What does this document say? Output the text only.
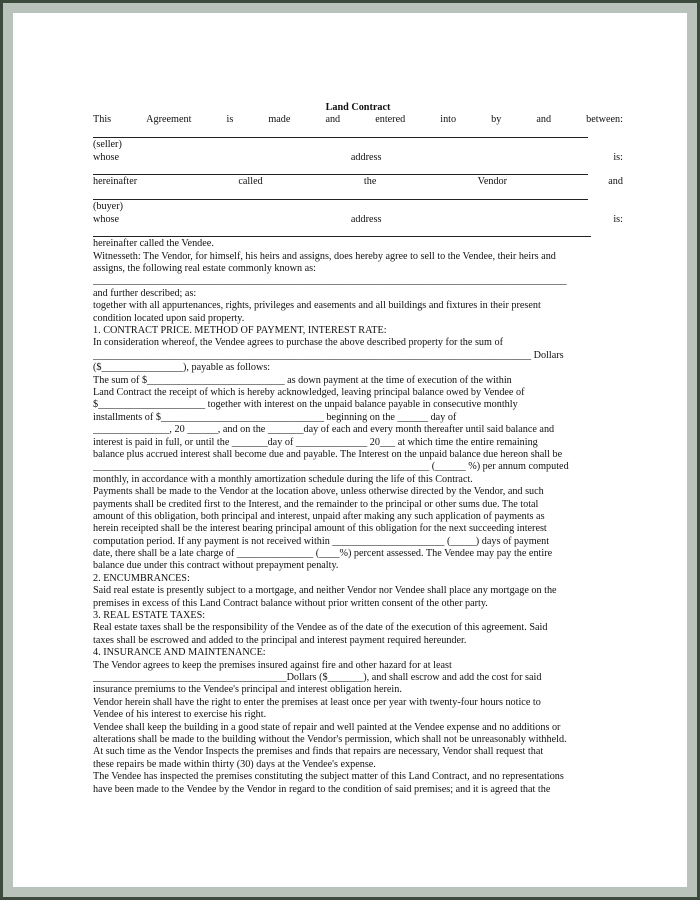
Land Contract
This	Agreement	is	made	and	entered	into	by	and	between:
(seller)
whose	address	is:
hereinafter	called	the	Vendor	and
(buyer)
whose	address	is:
hereinafter called the Vendee.
Witnesseth: The Vendor, for himself, his heirs and assigns, does hereby agree to sell to the Vendee, their heirs and
assigns, the following real estate commonly known as:
_____________________________________________________________________________________________
and further described; as:
together with all appurtenances, rights, privileges and easements and all buildings and fixtures in their present
condition located upon said property.
1. CONTRACT PRICE. METHOD OF PAYMENT, INTEREST RATE:
In consideration whereof, the Vendee agrees to purchase the above described property for the sum of
______________________________________________________________________________________ Dollars
($________________), payable as follows:
The sum of $___________________________ as down payment at the time of execution of the within
Land Contract the receipt of which is hereby acknowledged, leaving principal balance owed by Vendee of
$_____________________ together with interest on the unpaid balance payable in consecutive monthly
installments of $________________________________ beginning on the ______ day of
_______________, 20 ______, and on the _______day of each and every month thereafter until said balance and
interest is paid in full, or until the _______day of ______________ 20___ at which time the entire remaining
balance plus accrued interest shall become due and payable. The Interest on the unpaid balance due hereon shall be
__________________________________________________________________ (______ %) per annum computed
monthly, in accordance with a monthly amortization schedule during the life of this Contract.
Payments shall be made to the Vendor at the location above, unless otherwise directed by the Vendor, and such
payments shall be credited first to the Interest, and the remainder to the principal or other sums due. The total
amount of this obligation, both principal and interest, unpaid after making any such application of payments as
herein receipted shall be the interest bearing principal amount of this obligation for the next succeeding interest
computation period. If any payment is not received within ______________________ (_____) days of payment
date, there shall be a late charge of _______________ (____%) percent assessed. The Vendee may pay the entire
balance due under this contract without prepayment penalty.
2. ENCUMBRANCES:
Said real estate is presently subject to a mortgage, and neither Vendor nor Vendee shall place any mortgage on the
premises in excess of this Land Contract balance without prior written consent of the other party.
3. REAL ESTATE TAXES:
Real estate taxes shall be the responsibility of the Vendee as of the date of the execution of this agreement. Said
taxes shall be escrowed and added to the principal and interest payment required hereunder.
4. INSURANCE AND MAINTENANCE:
The Vendor agrees to keep the premises insured against fire and other hazard for at least
______________________________________Dollars ($_______), and shall escrow and add the cost for said
insurance premiums to the Vendee's principal and interest obligation herein.
Vendor herein shall have the right to enter the premises at least once per year with twenty-four hours notice to
Vendee of his interest to exercise his right.
Vendee shall keep the building in a good state of repair and well painted at the Vendee expense and no additions or
alterations shall be made to the building without the Vendor's permission, which shall not be unreasonably withheld.
At such time as the Vendor Inspects the premises and finds that repairs are necessary, Vendor shall request that
these repairs be made within thirty (30) days at the Vendee's expense.
The Vendee has inspected the premises constituting the subject matter of this Land Contract, and no representations
have been made to the Vendee by the Vendor in regard to the condition of said premises; and it is agreed that the
